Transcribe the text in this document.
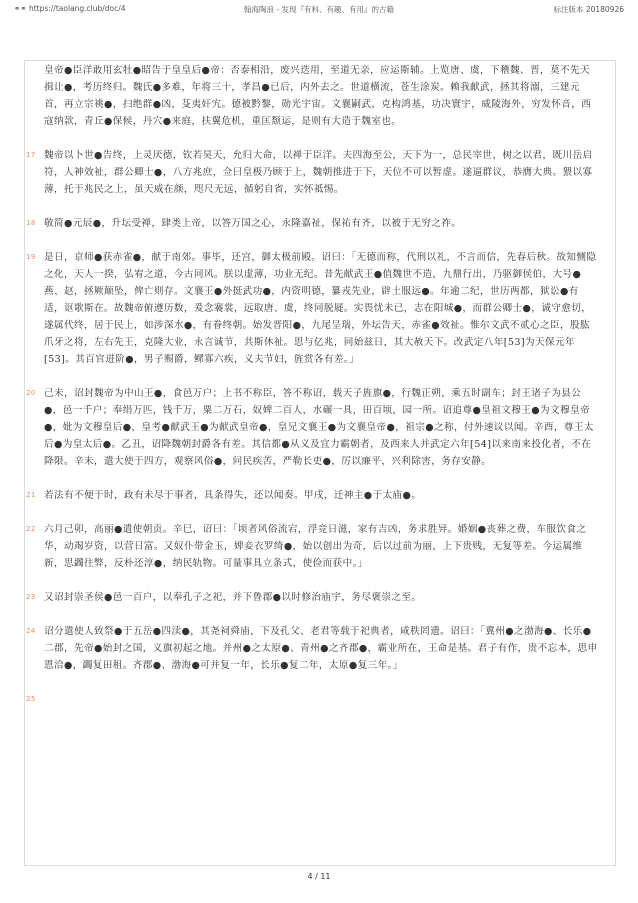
⚭⚭ https://taolang.club/doc/4	翰海陶浪 - 发现『有料、有趣、有用』的古籍	标注版本 20180926
皇帝●臣洋敢用玄牡●昭告于皇皇后●帝：否泰相沿，废兴迭用，至道无亲，应运斯辅。上览唐、虞，下稽魏、晋，莫不先天揖让●，考历终归。魏氏●多难，年将三十，孝昌●已后，内外去之。世道横流，苍生涂炭。赖我献武，拯其将溺，三建元首，再立宗祧●，扫绝群●凶，芟夷奸宄。德被黔黎，勋光宇宙。文襄嗣武，克构鸿基，功决寰宇，威陵海外，穷发怀音，西寇纳款，青丘●保候，丹穴●来庭，扶翼危机，重匡颓运，是则有大造于魏室也。
17 魏帝以卜世●告终，上灵厌德，钦若昊天，允归大命，以禅于臣洋。夫四海至公，天下为一，总民宰世，树之以君，既川岳启符，人神效祉，群公卿士●，八方兆庶，佥曰皇极乃顾于上，魏朝推进于下，天位不可以暂虚。遂逼群议，恭膺大典。猥以寡薄，托于兆民之上，虽天威在颜，咫尺无远，循躬自省，实怀祗惕。
18 敬简●元辰●，升坛受禅，肆类上帝，以答万国之心，永隆嘉祉，保祐有齐，以被于无穷之祚。
19 是日，京师●获赤雀●，献于南郊。事毕，还宫，御太极前殿。诏曰：「无德而称，代刑以礼，不言而信，先春后秋。故知恻隐之化，天人一揆，弘宥之道，今古同风。朕以虚薄，功业无纪。昔先献武王●值魏世不造，九鼎行出，乃驱御侯伯，大号●燕、赵，拯厥颠坠，俾亡则存。文襄王●外挺武功●，内资明德，纂戎先业，辟土服远●。年逾二纪，世历两都，狱讼●有适，讴歌斯在。故魏帝俯遵历数，爰念褰裳，远取唐、虞，终同脱屣。实畏忧未已，志在阳城●，而群公卿士●，诚守愈切，遂属代终，居于民上，如涉深水●，有眷终朝。始发晋阳●，九尾呈瑞，外坛告天，赤雀●效祉。惟尔文武不贰心之臣，股肱爪牙之将，左右先王，克隆大业，永言诚节，共斯休祉。思与亿兆，同始兹日，其大赦天下。改武定八年[53]为天保元年[53]。其百官进阶●，男子赐爵，鳏寡六疾，义夫节妇，旌赏各有差。」
20 己未，诏封魏帝为中山王●，食邑万户；上书不称臣，答不称诏，载天子旌旗●，行魏正朔，乘五时副车；封王诸子为县公●，邑一千户；奉绢万匹，钱千万，粟二万石，奴婢二百人，水碾一具，田百顷，园一所。诏追尊●皇祖文穆王●为文穆皇帝●，妣为文穆皇后●，皇考●献武王●为献武皇帝●，皇兄文襄王●为文襄皇帝●，祖宗●之称，付外速议以闻。辛酉，尊王太后●为皇太后●。乙丑，诏降魏朝封爵各有差。其信都●从义及宜力霸朝者，及西来人并武定六年[54]以来南来投化者，不在降限。辛未，遣大使于四方，观察风俗●，问民疾苦，严勒长吏●，厉以廉平，兴利除害，务存安静。
21 若法有不便于时，政有未尽于事者，具条得失，还以闻奏。甲戌，迁神主●于太庙●。
22 六月己卯，高丽●遣使朝贡。辛巳，诏曰：「顷者风俗流宕，浮竞日滋，家有吉凶，务求胜异。婚姻●丧葬之费，车服饮食之华，动竭岁资，以营日富。又奴仆带金玉，婢妾衣罗绮●，始以创出为奇，后以过前为丽，上下贵贱，无复等差。今运属维新，思蠲往弊，反朴还淳●，纳民轨物。可量事具立条式，使俭而获中。」
23 又诏封崇圣侯●邑一百户，以奉孔子之祀，并下鲁郡●以时修治庙宇，务尽褒崇之至。
24 诏分遣使人致祭●于五岳●四渎●，其尧祠舜庙，下及孔父、老君等载于祀典者，咸秩罔遗。诏曰：「冀州●之渤海●、长乐●二郡，先帝●始封之国，义旗初起之地。并州●之太原●、青州●之齐郡●，霸业所在，王命是基。君子有作，贵不忘本，思申恩洽●，蠲复田租。齐郡●、渤海●可并复一年，长乐●复二年，太原●复三年。」
25
4 / 11
